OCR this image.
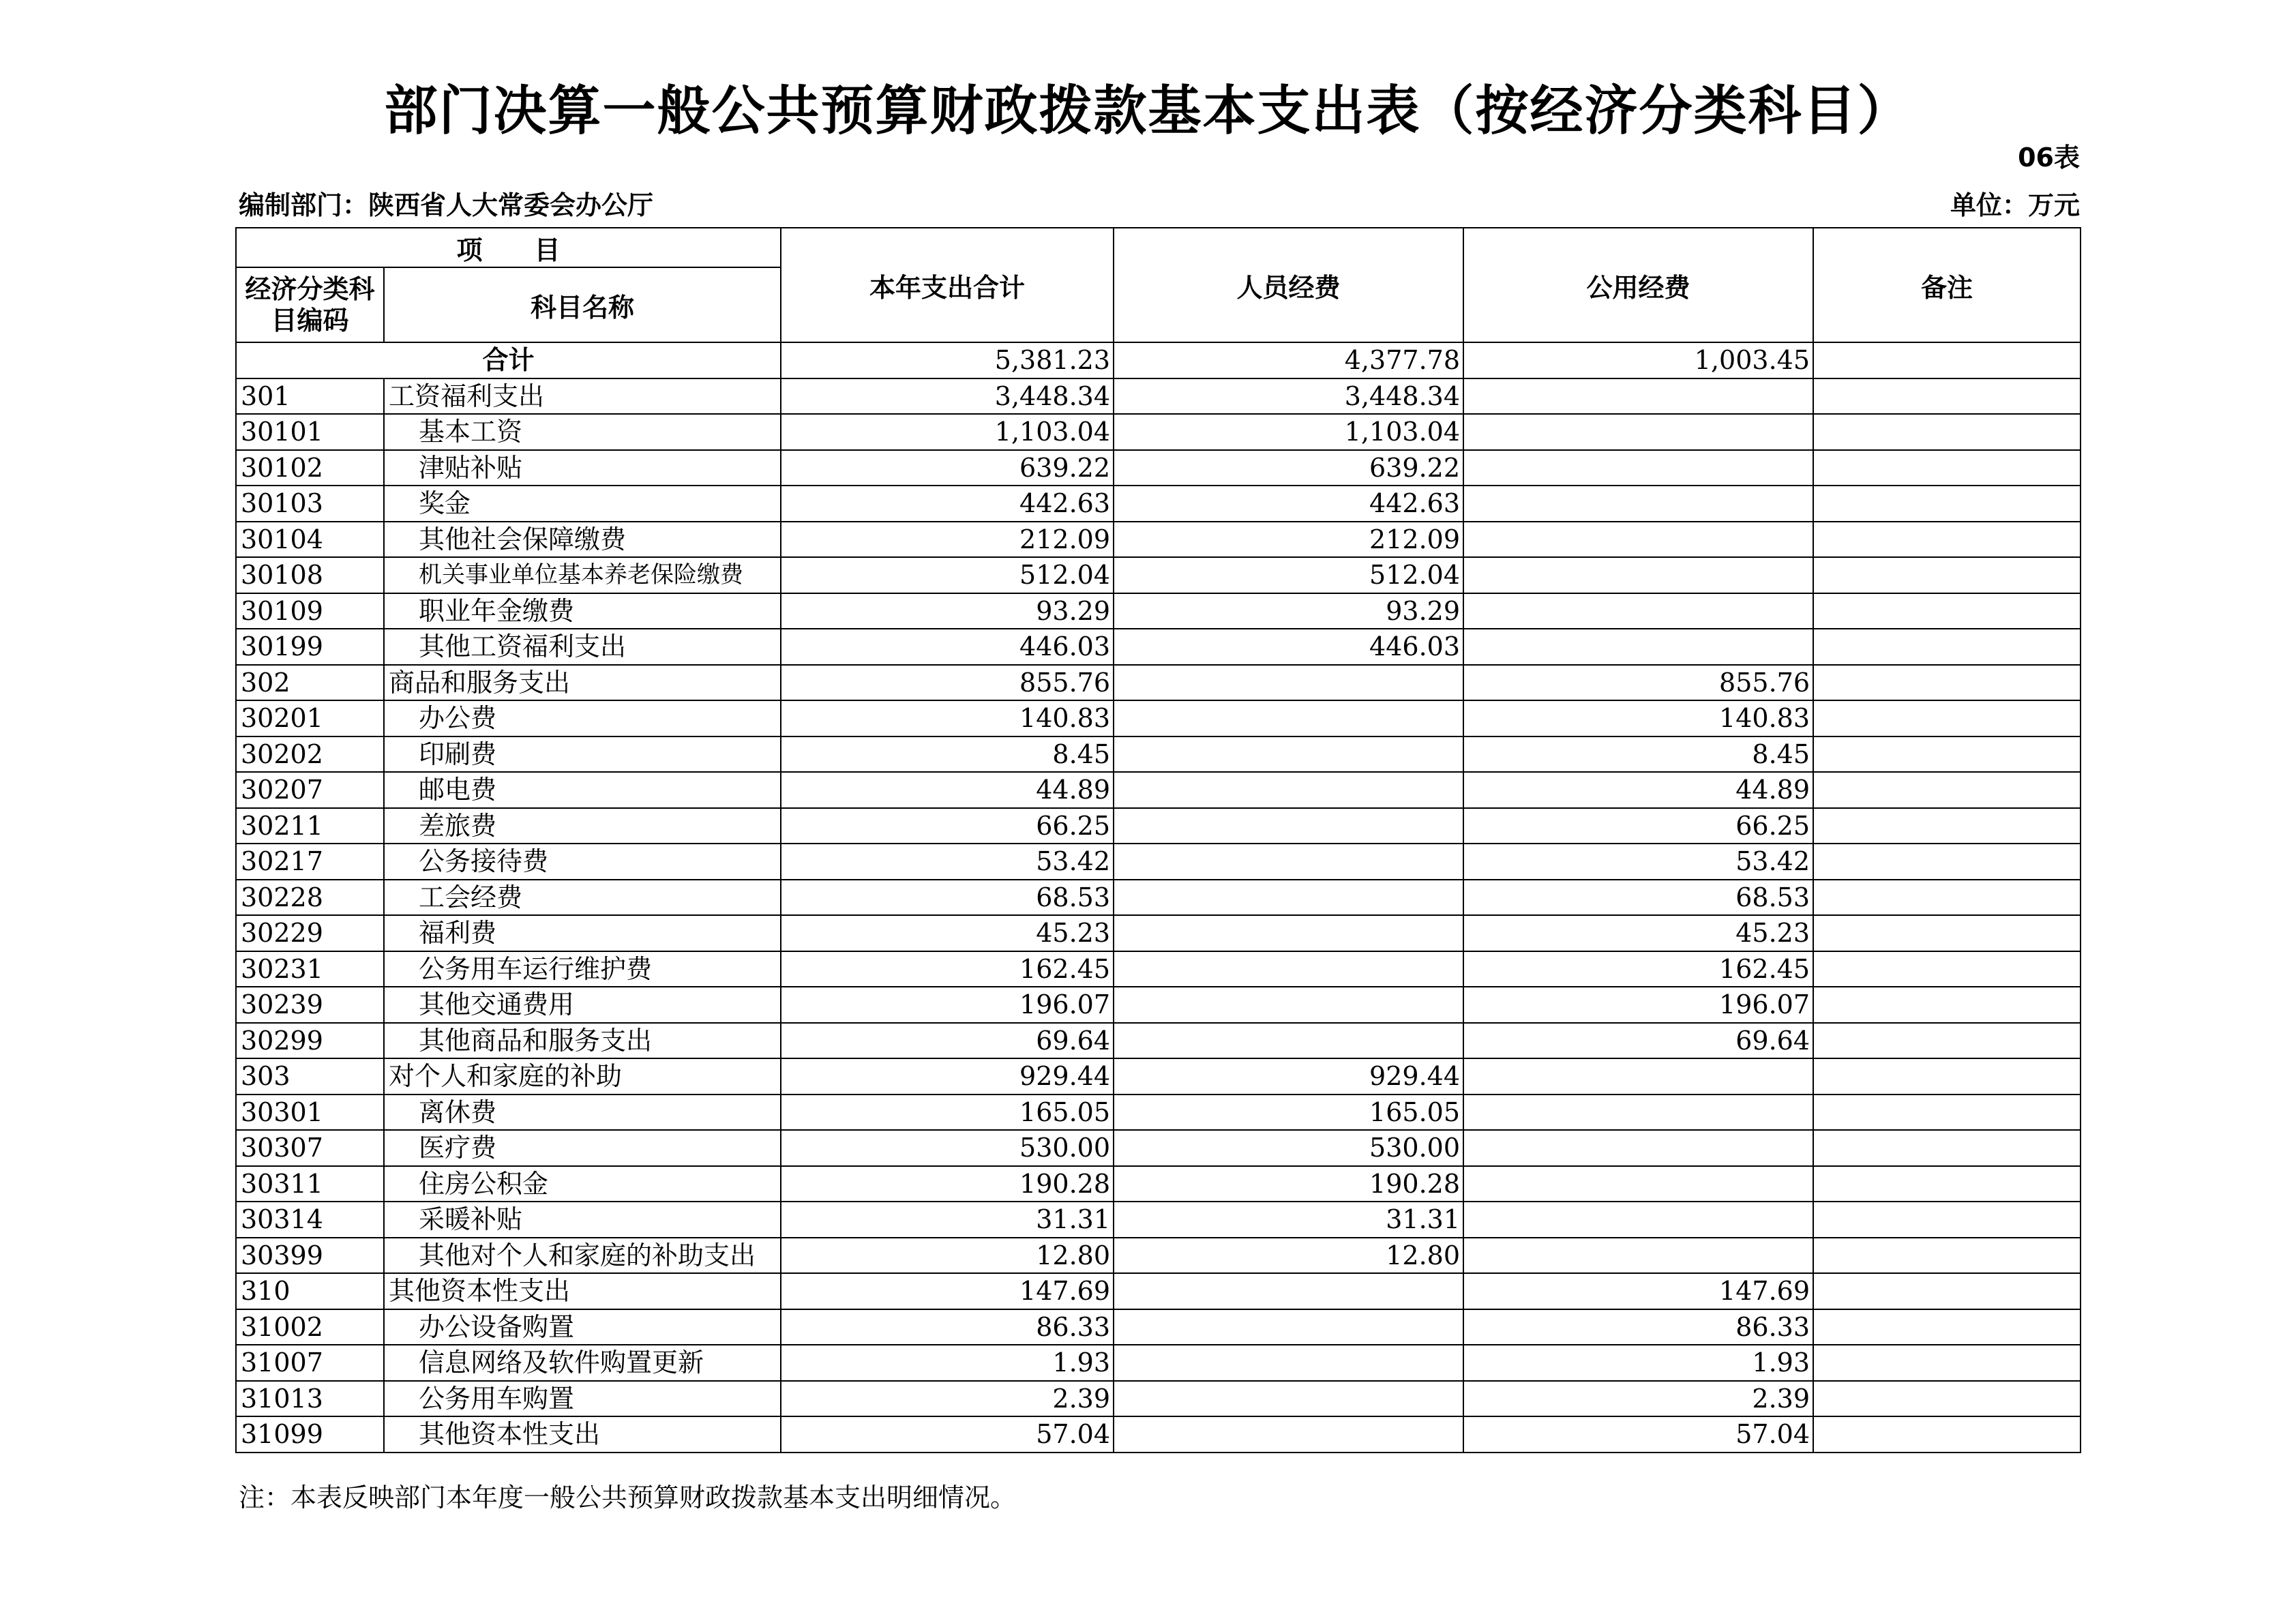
部门决算一般公共预算财政拨款基本支出表（按经济分类科目）
06表
编制部门：陕西省人大常委会办公厅	单位：万元
项　　目		本年支出合计	人员经费	公用经费	备注
经济分类科目编码	科目名称				
合计		5,381.23	4,377.78	1,003.45	
301	工资福利支出	3,448.34	3,448.34		
30101	基本工资	1,103.04	1,103.04		
30102	津贴补贴	639.22	639.22		
30103	奖金	442.63	442.63		
30104	其他社会保障缴费	212.09	212.09		
30108	机关事业单位基本养老保险缴费	512.04	512.04		
30109	职业年金缴费	93.29	93.29		
30199	其他工资福利支出	446.03	446.03		
302	商品和服务支出	855.76		855.76	
30201	办公费	140.83		140.83	
30202	印刷费	8.45		8.45	
30207	邮电费	44.89		44.89	
30211	差旅费	66.25		66.25	
30217	公务接待费	53.42		53.42	
30228	工会经费	68.53		68.53	
30229	福利费	45.23		45.23	
30231	公务用车运行维护费	162.45		162.45	
30239	其他交通费用	196.07		196.07	
30299	其他商品和服务支出	69.64		69.64	
303	对个人和家庭的补助	929.44	929.44		
30301	离休费	165.05	165.05		
30307	医疗费	530.00	530.00		
30311	住房公积金	190.28	190.28		
30314	采暖补贴	31.31	31.31		
30399	其他对个人和家庭的补助支出	12.80	12.80		
310	其他资本性支出	147.69		147.69	
31002	办公设备购置	86.33		86.33	
31007	信息网络及软件购置更新	1.93		1.93	
31013	公务用车购置	2.39		2.39	
31099	其他资本性支出	57.04		57.04	
注：本表反映部门本年度一般公共预算财政拨款基本支出明细情况。
